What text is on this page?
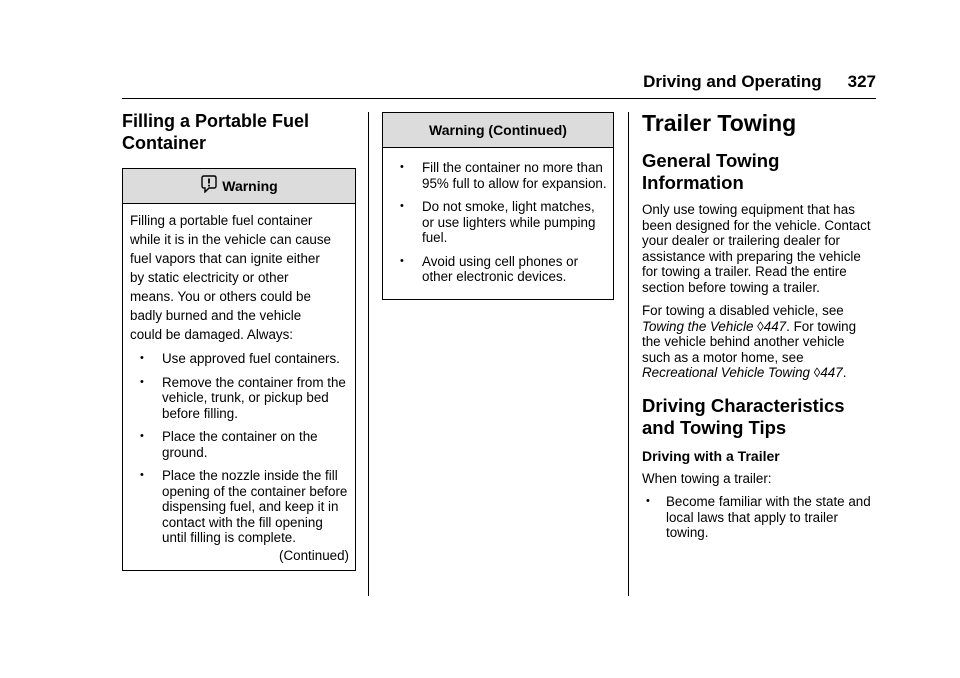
Driving and Operating 327
Filling a Portable Fuel Container
Warning

Filling a portable fuel container

while it is in the vehicle can cause

fuel vapors that can ignite either

by static electricity or other

means. You or others could be

badly burned and the vehicle

could be damaged. Always:

• Use approved fuel containers.
• Remove the container from the vehicle, trunk, or pickup bed before filling.
• Place the container on the ground.
• Place the nozzle inside the fill opening of the container before dispensing fuel, and keep it in contact with the fill opening until filling is complete.
(Continued)
Warning (Continued)
• Fill the container no more than 95% full to allow for expansion.
• Do not smoke, light matches, or use lighters while pumping fuel.
• Avoid using cell phones or other electronic devices.
Trailer Towing
General Towing Information

Only use towing equipment that has been designed for the vehicle. Contact your dealer or trailering dealer for assistance with preparing the vehicle for towing a trailer. Read the entire section before towing a trailer.

For towing a disabled vehicle, see Towing the Vehicle ◊447. For towing the vehicle behind another vehicle such as a motor home, see Recreational Vehicle Towing ◊447.

Driving Characteristics and Towing Tips
Driving with a Trailer

When towing a trailer:

• Become familiar with the state and local laws that apply to trailer towing.
